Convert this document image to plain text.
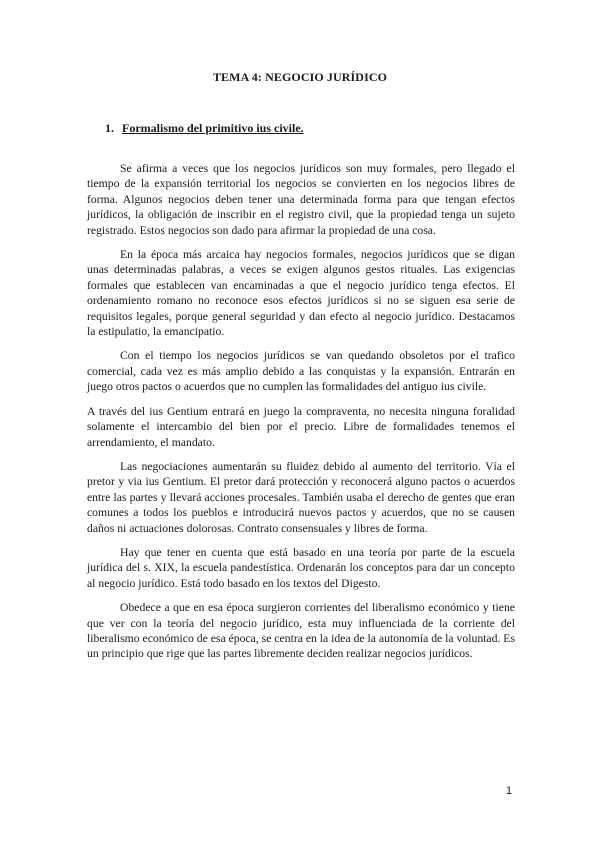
TEMA 4: NEGOCIO JURÍDICO
1. Formalismo del primitivo ius civile.

Se afirma a veces que los negocios jurídicos son muy formales, pero llegado el tiempo de la expansión territorial los negocios se convierten en los negocios libres de forma. Algunos negocios deben tener una determinada forma para que tengan efectos jurídicos, la obligación de inscribir en el registro civil, que la propiedad tenga un sujeto registrado. Estos negocios son dado para afirmar la propiedad de una cosa.

En la época más arcaica hay negocios formales, negocios jurídicos que se digan unas determinadas palabras, a veces se exigen algunos gestos rituales. Las exigencias formales que establecen van encaminadas a que el negocio jurídico tenga efectos. El ordenamiento romano no reconoce esos efectos jurídicos si no se siguen esa serie de requisitos legales, porque general seguridad y dan efecto al negocio jurídico. Destacamos la estipulatio, la emancipatio.

Con el tiempo los negocios jurídicos se van quedando obsoletos por el trafico comercial, cada vez es más amplio debido a las conquistas y la expansión. Entrarán en juego otros pactos o acuerdos que no cumplen las formalidades del antiguo ius civile.

A través del ius Gentium entrará en juego la compraventa, no necesita ninguna foralidad solamente el intercambio del bien por el precio. Libre de formalidades tenemos el arrendamiento, el mandato.

Las negociaciones aumentarán su fluidez debido al aumento del territorio. Vía el pretor y via ius Gentium. El pretor dará protección y reconocerá alguno pactos o acuerdos entre las partes y llevará acciones procesales. También usaba el derecho de gentes que eran comunes a todos los pueblos e introducirá nuevos pactos y acuerdos, que no se causen daños ni actuaciones dolorosas. Contrato consensuales y libres de forma.

Hay que tener en cuenta que está basado en una teoría por parte de la escuela jurídica del s. XIX, la escuela pandestística. Ordenarán los conceptos para dar un concepto al negocio jurídico. Está todo basado en los textos del Digesto.

Obedece a que en esa época surgieron corrientes del liberalismo económico y tiene que ver con la teoría del negocio jurídico, esta muy influenciada de la corriente del liberalismo económico de esa época, se centra en la idea de la autonomía de la voluntad. Es un principio que rige que las partes libremente deciden realizar negocios jurídicos.

1
